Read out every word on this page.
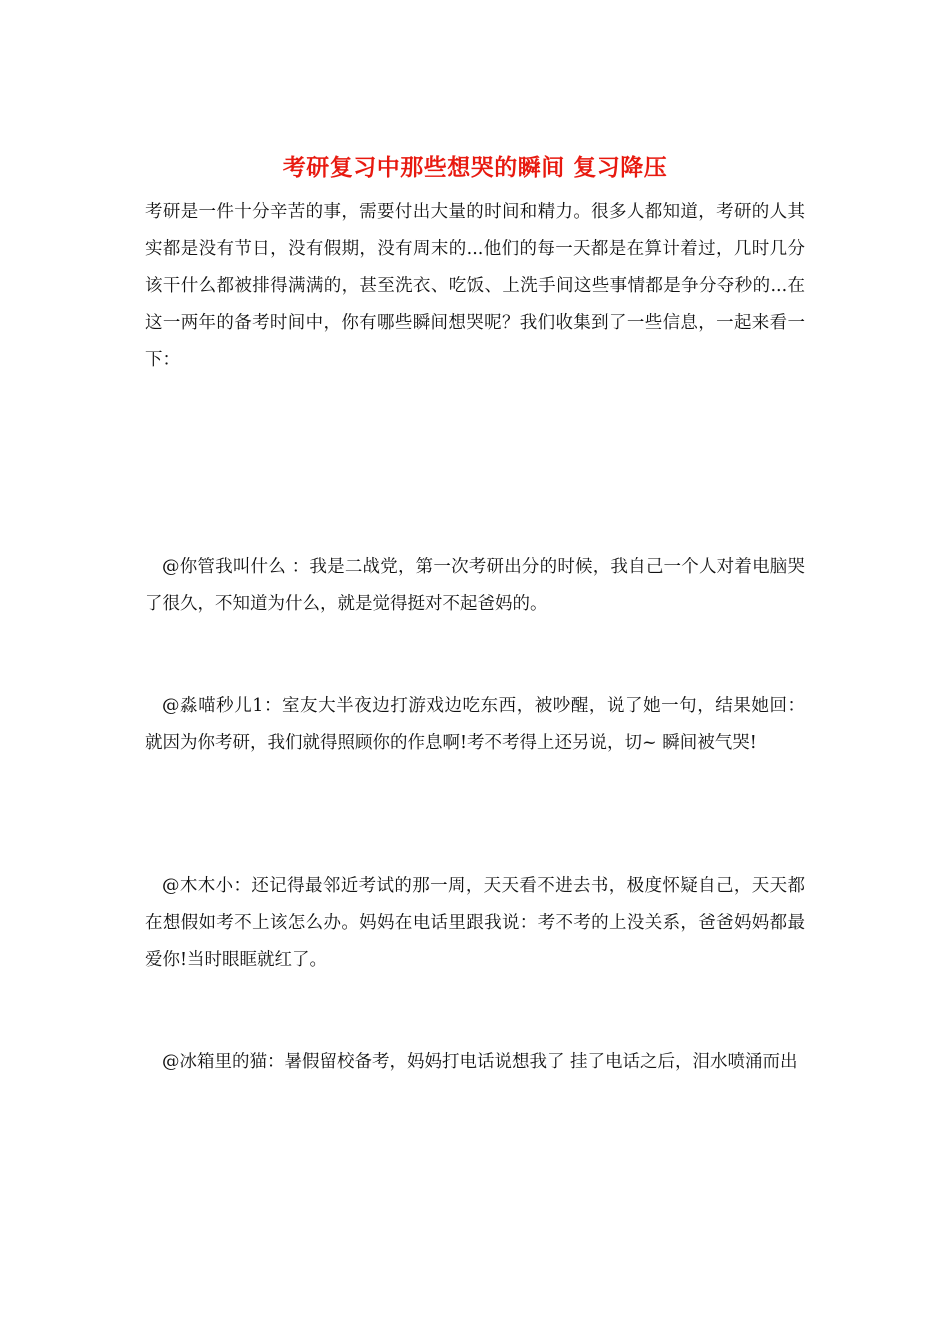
考研复习中那些想哭的瞬间 复习降压

考研是一件十分辛苦的事，需要付出大量的时间和精力。很多人都知道，考研的人其实都是没有节日，没有假期，没有周末的...他们的每一天都是在算计着过，几时几分该干什么都被排得满满的，甚至洗衣、吃饭、上洗手间这些事情都是争分夺秒的...在这一两年的备考时间中，你有哪些瞬间想哭呢？我们收集到了一些信息，一起来看一下：

@你管我叫什么 ：我是二战党，第一次考研出分的时候，我自己一个人对着电脑哭了很久，不知道为什么，就是觉得挺对不起爸妈的。

@淼喵秒儿1：室友大半夜边打游戏边吃东西，被吵醒，说了她一句，结果她回： 就因为你考研，我们就得照顾你的作息啊!考不考得上还另说，切~ 瞬间被气哭!

@木木小：还记得最邻近考试的那一周，天天看不进去书，极度怀疑自己，天天都在想假如考不上该怎么办。妈妈在电话里跟我说：考不考的上没关系，爸爸妈妈都最爱你!当时眼眶就红了。

@冰箱里的猫：暑假留校备考，妈妈打电话说想我了 挂了电话之后，泪水喷涌而出
